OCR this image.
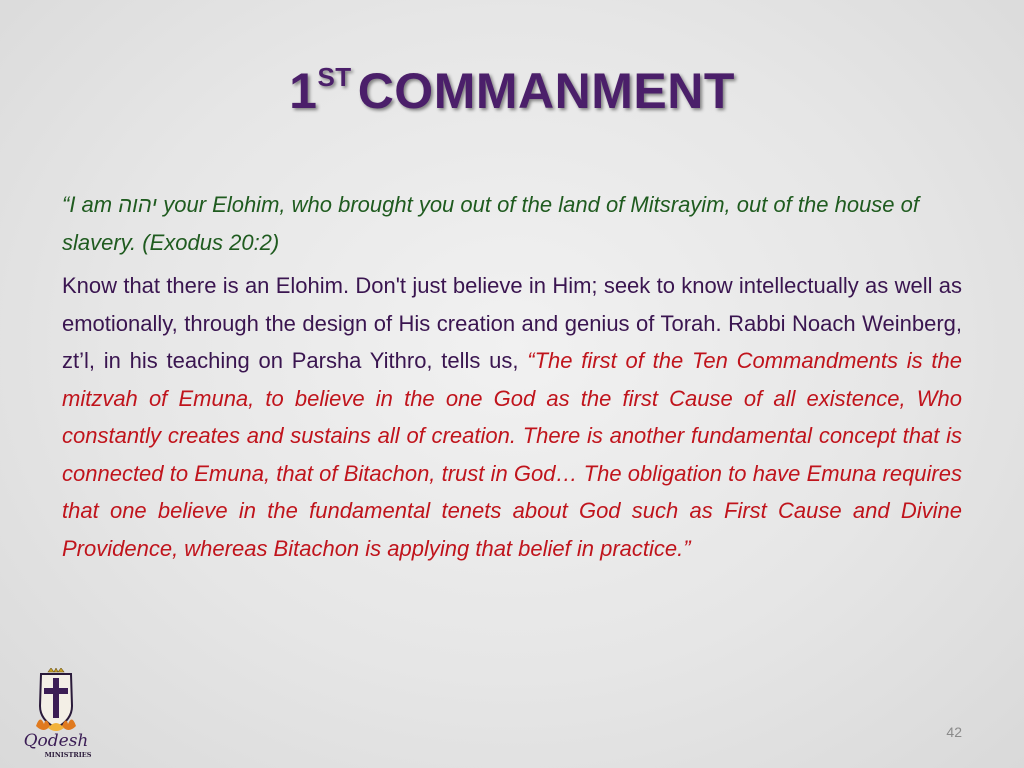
1ST COMMANMENT

“I am יהוה your Elohim, who brought you out of the land of Mitsrayim, out of the house of slavery. (Exodus 20:2)

Know that there is an Elohim. Don't just believe in Him; seek to know intellectually as well as emotionally, through the design of His creation and genius of Torah. Rabbi Noach Weinberg, zt’l, in his teaching on Parsha Yithro, tells us, “The first of the Ten Commandments is the mitzvah of Emuna, to believe in the one God as the first Cause of all existence, Who constantly creates and sustains all of creation. There is another fundamental concept that is connected to Emuna, that of Bitachon, trust in God… The obligation to have Emuna requires that one believe in the fundamental tenets about God such as First Cause and Divine Providence, whereas Bitachon is applying that belief in practice.”

Qodesh
MINISTRIES
42
